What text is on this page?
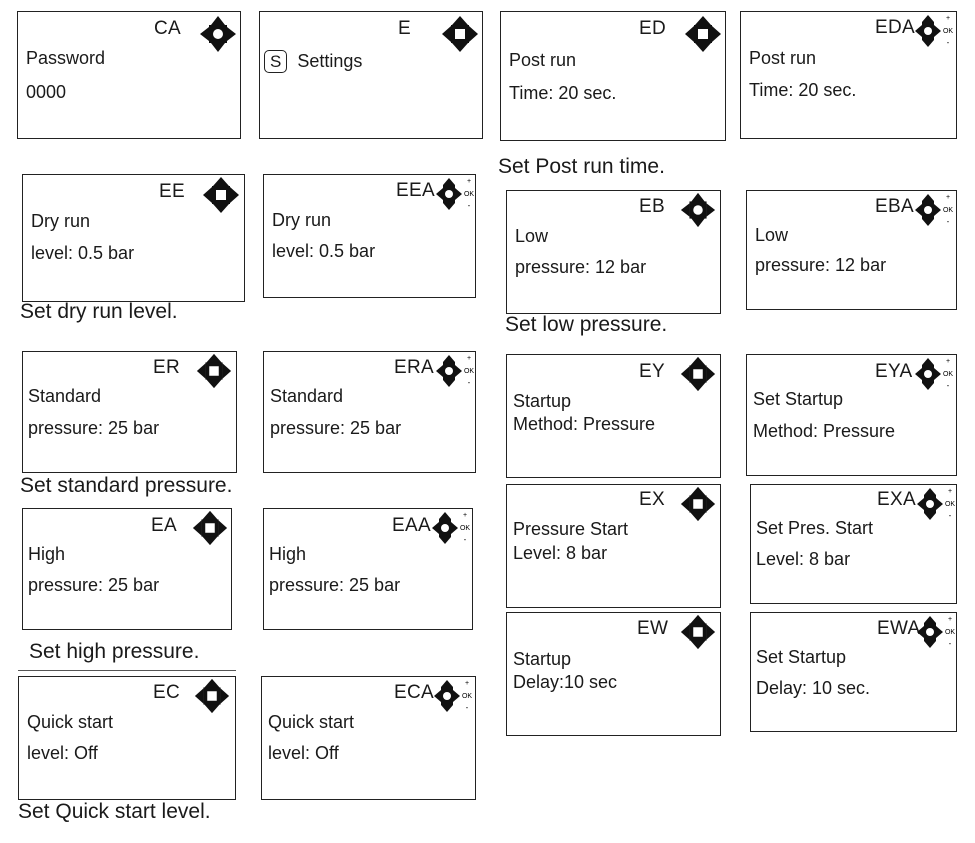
CA
Password
0000
E
S Settings
ED
Post run
Time: 20 sec.
EDA	+
OK
-
Post run
Time: 20 sec.
Set Post run time.
EE
Dry run
level: 0.5 bar
EEA	+
OK
-
Dry run
level: 0.5 bar
Set dry run level.
EB
Low
pressure: 12 bar
EBA	+
OK
-
Low
pressure: 12 bar
Set low pressure.
ER
Standard
pressure: 25 bar
ERA	+
OK
-
Standard
pressure: 25 bar
Set standard pressure.
EY
Startup
Method: Pressure
EYA	+
OK
-
Set Startup
Method: Pressure
EA
High
pressure: 25 bar
EAA	+
OK
-
High
pressure: 25 bar
Set high pressure.
EX
Pressure Start
Level: 8 bar
EXA	+
OK
-
Set Pres. Start
Level: 8 bar
EC
Quick start
level: Off
ECA	+
OK
-
Quick start
level: Off
Set Quick start level.
EW
Startup
Delay:10 sec
EWA	+
OK
-
Set Startup
Delay: 10 sec.
